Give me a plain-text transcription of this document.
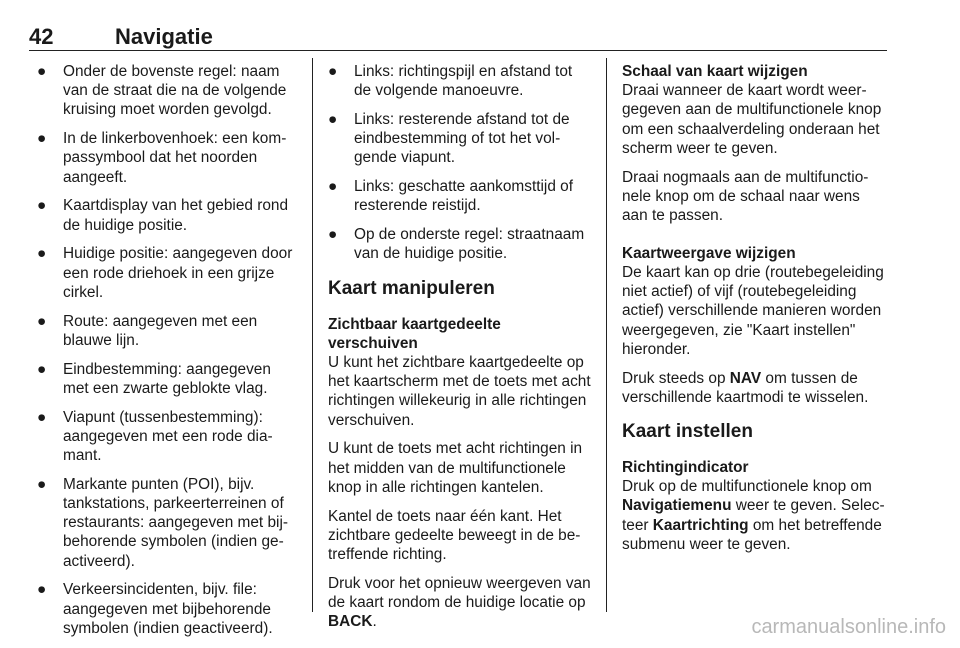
42	Navigatie
● Onder de bovenste regel: naam van de straat die na de volgende kruising moet worden gevolgd.
● In de linkerbovenhoek: een kompassymbool dat het noorden aangeeft.
● Kaartdisplay van het gebied rond de huidige positie.
● Huidige positie: aangegeven door een rode driehoek in een grijze cirkel.
● Route: aangegeven met een blauwe lijn.
● Eindbestemming: aangegeven met een zwarte geblokte vlag.
● Viapunt (tussenbestemming): aangegeven met een rode diamant.
● Markante punten (POI), bijv. tankstations, parkeerterreinen of restaurants: aangegeven met bijbehorende symbolen (indien geactiveerd).
● Verkeersincidenten, bijv. file: aangegeven met bijbehorende symbolen (indien geactiveerd).
● Links: richtingspijl en afstand tot de volgende manoeuvre.
● Links: resterende afstand tot de eindbestemming of tot het volgende viapunt.
● Links: geschatte aankomsttijd of resterende reistijd.
● Op de onderste regel: straatnaam van de huidige positie.
Kaart manipuleren
Zichtbaar kaartgedeelte verschuiven
U kunt het zichtbare kaartgedeelte op het kaartscherm met de toets met acht richtingen willekeurig in alle richtingen verschuiven.
U kunt de toets met acht richtingen in het midden van de multifunctionele knop in alle richtingen kantelen.
Kantel de toets naar één kant. Het zichtbare gedeelte beweegt in de betreffende richting.
Druk voor het opnieuw weergeven van de kaart rondom de huidige locatie op BACK.
Schaal van kaart wijzigen
Draai wanneer de kaart wordt weergegeven aan de multifunctionele knop om een schaalverdeling onderaan het scherm weer te geven.
Draai nogmaals aan de multifunctionele knop om de schaal naar wens aan te passen.
Kaartweergave wijzigen
De kaart kan op drie (routebegeleiding niet actief) of vijf (routebegeleiding actief) verschillende manieren worden weergegeven, zie "Kaart instellen" hieronder.
Druk steeds op NAV om tussen de verschillende kaartmodi te wisselen.
Kaart instellen
Richtingindicator
Druk op de multifunctionele knop om Navigatiemenu weer te geven. Selecteer Kaartrichting om het betreffende submenu weer te geven.
carmanualsonline.info
